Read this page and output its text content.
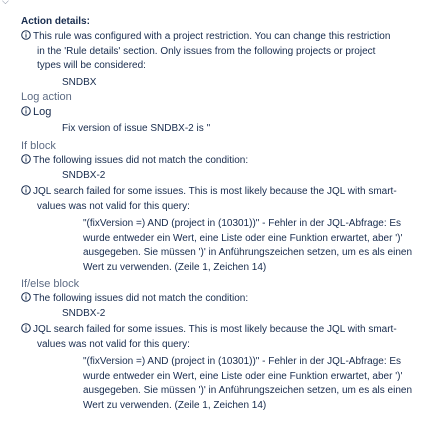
⌵
Action details:
This rule was configured with a project restriction. You can change this restriction
in the 'Rule details' section. Only issues from the following projects or project
types will be considered:
SNDBX
Log action
Log
Fix version of issue SNDBX-2 is ''
If block
The following issues did not match the condition:
SNDBX-2
JQL search failed for some issues. This is most likely because the JQL with smart-
values was not valid for this query:
"(fixVersion =) AND (project in (10301))" - Fehler in der JQL-Abfrage: Es
wurde entweder ein Wert, eine Liste oder eine Funktion erwartet, aber ')'
ausgegeben. Sie müssen ')' in Anführungszeichen setzen, um es als einen
Wert zu verwenden. (Zeile 1, Zeichen 14)
If/else block
The following issues did not match the condition:
SNDBX-2
JQL search failed for some issues. This is most likely because the JQL with smart-
values was not valid for this query:
"(fixVersion =) AND (project in (10301))" - Fehler in der JQL-Abfrage: Es
wurde entweder ein Wert, eine Liste oder eine Funktion erwartet, aber ')'
ausgegeben. Sie müssen ')' in Anführungszeichen setzen, um es als einen
Wert zu verwenden. (Zeile 1, Zeichen 14)
